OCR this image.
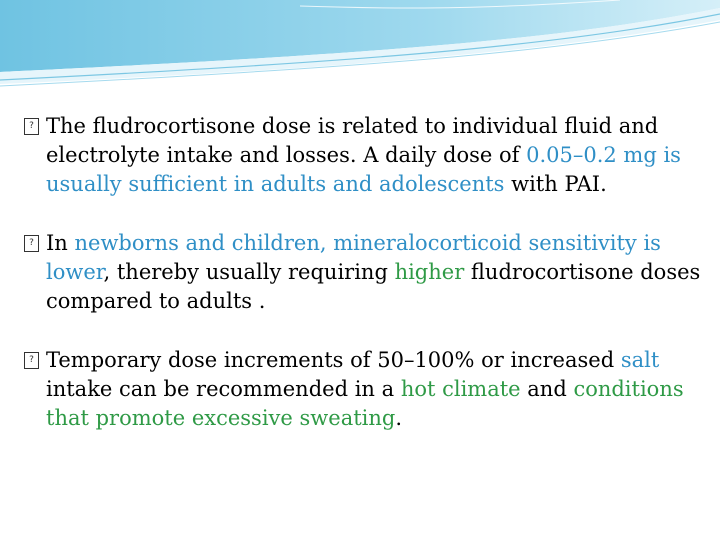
? The fludrocortisone dose is related to individual fluid and electrolyte intake and losses. A daily dose of 0.05–0.2 mg is usually sufficient in adults and adolescents with PAI.
? In newborns and children, mineralocorticoid sensitivity is lower, thereby usually requiring higher fludrocortisone doses compared to adults .
? Temporary dose increments of 50–100% or increased salt intake can be recommended in a hot climate and conditions that promote excessive sweating.
